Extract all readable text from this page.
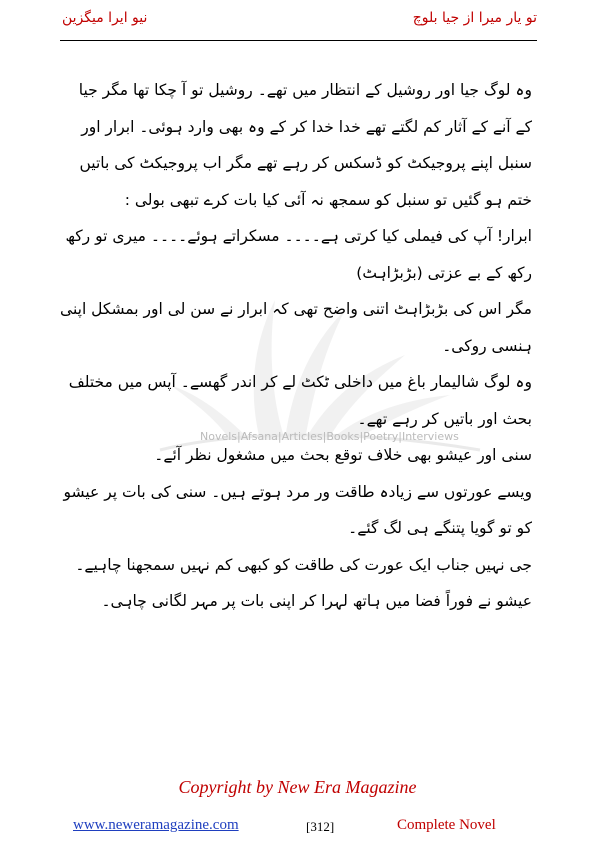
تو یار میرا از جیا بلوچ
نیو ایرا میگزین
Novels|Afsana|Articles|Books|Poetry|Interviews

وہ لوگ جیا اور روشیل کے انتظار میں تھے۔ روشیل تو آ چکا تھا مگر جیا کے آنے کے آثار کم لگتے تھے خدا خدا کر کے وہ بھی وارد ہوئی۔ ابرار اور سنبل اپنے پروجیکٹ کو ڈسکس کر رہے تھے مگر اب پروجیکٹ کی باتیں ختم ہو گئیں تو سنبل کو سمجھ نہ آئی کیا بات کرے تبھی بولی :

ابرار! آپ کی فیملی کیا کرتی ہے۔۔۔۔ مسکراتے ہوئے۔۔۔۔ میری تو رکھ رکھ کے بے عزتی (بڑبڑاہٹ)

مگر اس کی بڑبڑاہٹ اتنی واضح تھی کہ ابرار نے سن لی اور بمشکل اپنی ہنسی روکی۔

وہ لوگ شالیمار باغ میں داخلی ٹکٹ لے کر اندر گھسے۔ آپس میں مختلف بحث اور باتیں کر رہے تھے۔

سنی اور عیشو بھی خلاف توقع بحث میں مشغول نظر آئے۔

ویسے عورتوں سے زیادہ طاقت ور مرد ہوتے ہیں۔ سنی کی بات پر عیشو کو تو گویا پتنگے ہی لگ گئے۔

جی نہیں جناب ایک عورت کی طاقت کو کبھی کم نہیں سمجھنا چاہیے۔ عیشو نے فوراً فضا میں ہاتھ لہرا کر اپنی بات پر مہر لگانی چاہی۔

Copyright by New Era Magazine
www.neweramagazine.com	[312]	Complete Novel
